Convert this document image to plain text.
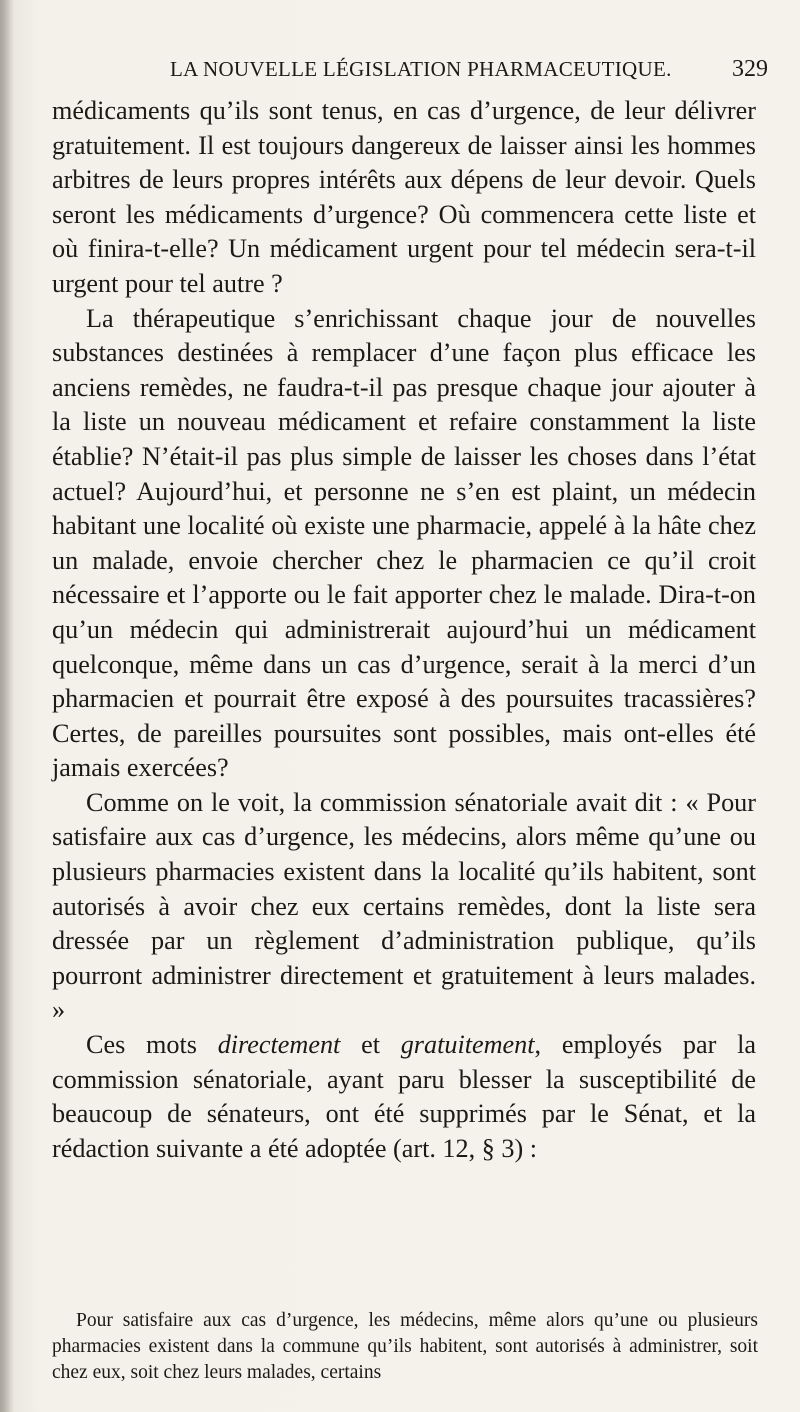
LA NOUVELLE LÉGISLATION PHARMACEUTIQUE.	329

médicaments qu’ils sont tenus, en cas d’urgence, de leur délivrer gratuitement. Il est toujours dangereux de laisser ainsi les hommes arbitres de leurs propres intérêts aux dépens de leur devoir. Quels seront les médicaments d’urgence? Où commencera cette liste et où finira-t-elle? Un médicament urgent pour tel médecin sera-t-il urgent pour tel autre ?

La thérapeutique s’enrichissant chaque jour de nouvelles substances destinées à remplacer d’une façon plus efficace les anciens remèdes, ne faudra-t-il pas presque chaque jour ajouter à la liste un nouveau médicament et refaire constamment la liste établie? N’était-il pas plus simple de laisser les choses dans l’état actuel? Aujourd’hui, et personne ne s’en est plaint, un médecin habitant une localité où existe une pharmacie, appelé à la hâte chez un malade, envoie chercher chez le pharmacien ce qu’il croit nécessaire et l’apporte ou le fait apporter chez le malade. Dira-t-on qu’un médecin qui administrerait aujourd’hui un médicament quelconque, même dans un cas d’urgence, serait à la merci d’un pharmacien et pourrait être exposé à des poursuites tracassières? Certes, de pareilles poursuites sont possibles, mais ont-elles été jamais exercées?

Comme on le voit, la commission sénatoriale avait dit : « Pour satisfaire aux cas d’urgence, les médecins, alors même qu’une ou plusieurs pharmacies existent dans la localité qu’ils habitent, sont autorisés à avoir chez eux certains remèdes, dont la liste sera dressée par un règlement d’administration publique, qu’ils pourront administrer directement et gratuitement à leurs malades. »

Ces mots directement et gratuitement, employés par la commission sénatoriale, ayant paru blesser la susceptibilité de beaucoup de sénateurs, ont été supprimés par le Sénat, et la rédaction suivante a été adoptée (art. 12, § 3) :

Pour satisfaire aux cas d’urgence, les médecins, même alors qu’une ou plusieurs pharmacies existent dans la commune qu’ils habitent, sont autorisés à administrer, soit chez eux, soit chez leurs malades, certains
